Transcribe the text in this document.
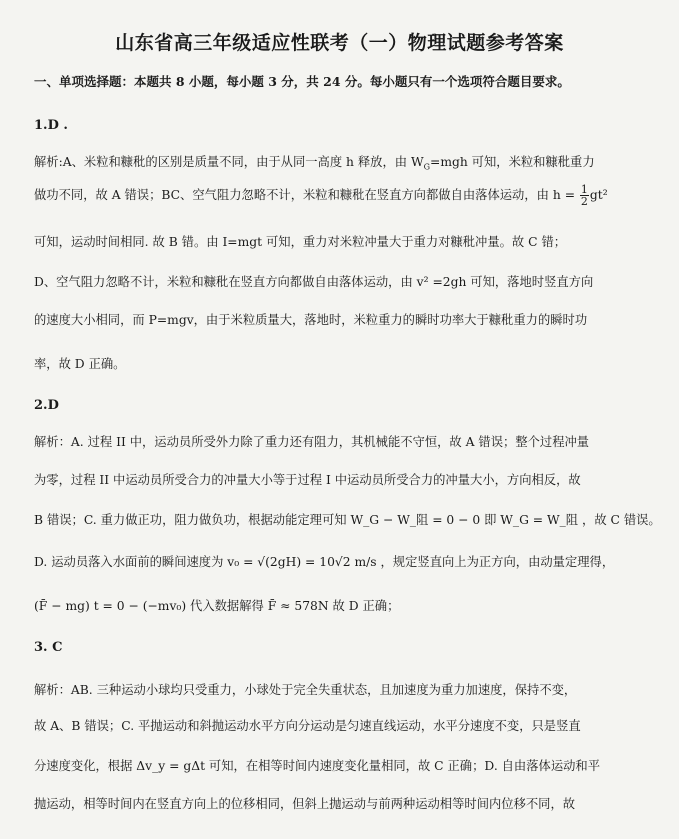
山东省高三年级适应性联考（一）物理试题参考答案
一、单项选择题：本题共 8 小题，每小题 3 分，共 24 分。每小题只有一个选项符合题目要求。
1.D .
解析:A、米粒和糠秕的区别是质量不同，由于从同一高度 h 释放，由 $W_G=mgh$ 可知，米粒和糠秕重力
做功不同，故 A 错误；BC、空气阻力忽略不计，米粒和糠秕在竖直方向都做自由落体运动，由 $h = \frac{1}{2} gt^2$
可知，运动时间相同. 故 B 错。由 I=mgt 可知，重力对米粒冲量大于重力对糠秕冲量。故 C 错；
D、空气阻力忽略不计，米粒和糠秕在竖直方向都做自由落体运动，由 v² =2gh 可知，落地时竖直方向
的速度大小相同，而 P=mgv，由于米粒质量大，落地时，米粒重力的瞬时功率大于糠秕重力的瞬时功
率，故 D 正确。
2.D
解析：A. 过程 II 中，运动员所受外力除了重力还有阻力，其机械能不守恒，故 A 错误；整个过程冲量
为零，过程 II 中运动员所受合力的冲量大小等于过程 I 中运动员所受合力的冲量大小，方向相反，故
B 错误；C. 重力做正功，阻力做负功，根据动能定理可知 W_G − W_阻 = 0 − 0 即 W_G = W_阻 ，故 C 错误。
D. 运动员落入水面前的瞬间速度为 v₀ = √(2gH) = 10√2 m/s ，规定竖直向上为正方向，由动量定理得，
(F̄ − mg) t = 0 − (−mv₀) 代入数据解得 F̄ ≈ 578N 故 D 正确；
3. C
解析：AB. 三种运动小球均只受重力，小球处于完全失重状态，且加速度为重力加速度，保持不变，
故 A、B 错误；C. 平抛运动和斜抛运动水平方向分运动是匀速直线运动，水平分速度不变，只是竖直
分速度变化，根据 Δv_y = gΔt 可知，在相等时间内速度变化量相同，故 C 正确；D. 自由落体运动和平
抛运动，相等时间内在竖直方向上的位移相同，但斜上抛运动与前两种运动相等时间内位移不同，故
